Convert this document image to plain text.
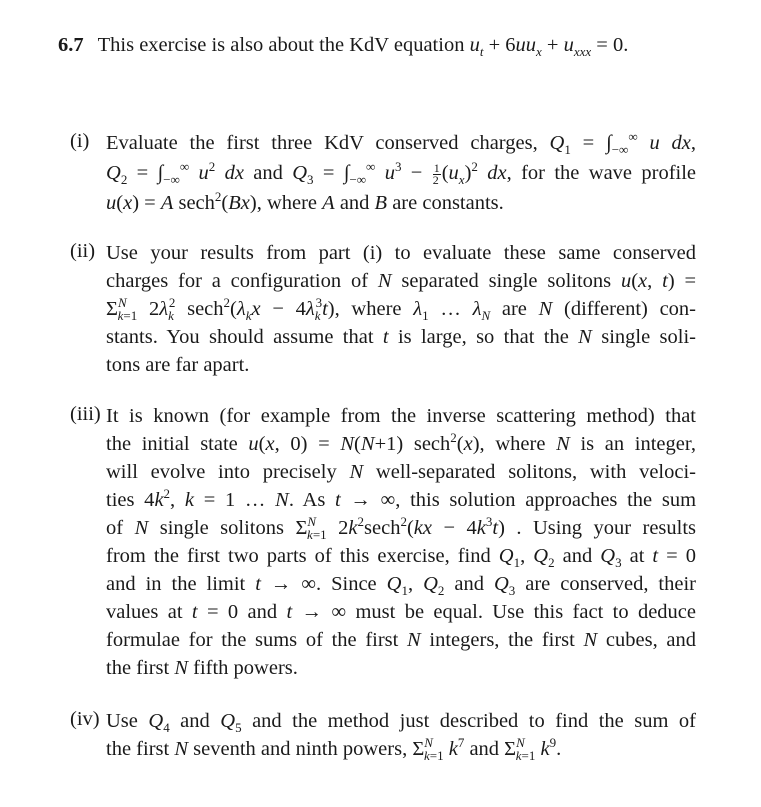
6.7 This exercise is also about the KdV equation $u_t + 6uu_x + u_{xxx} = 0$.
(i) Evaluate the first three KdV conserved charges, $Q_1 = \int_{-\infty}^\infty$ u dx,
$Q_2 = \int_{-\infty}^\infty$ $u^2$ dx and $Q_3 = \int_{-\infty}^\infty$ $u^3 - \frac{1}{2} (u_x)^2$ dx, for the wave profile
u(x) = A sech$^2$(Bx), where A and B are constants.
(ii) Use your results from part (i) to evaluate these same conserved
charges for a configuration of N separated single solitons u(x, t) =
$\Sigma^N_{k=1}$ $2\lambda_k^2$ $\sec h^2(\lambda_kx - 4\lambda_k^3t)$, where $\lambda_1$ … $\lambda_N$ are N (different) con-
stants. You should assume that t is large, so that the N single soli-
tons are far apart.
(iii) It is known (for example from the inverse scattering method) that
the initial state u(x, 0) = N(N+1) sech$^2$(x), where N is an integer,
will evolve into precisely N well-separated solitons, with veloci-
ties $4k^2$, k = 1 … N. As t → ∞, this solution approaches the sum
of N single solitons $\Sigma^N_{k=1}$ $2k^2\sec h^2(kx - 4k^3t)$ . Using your results
from the first two parts of this exercise, find $Q_1$, $Q_2$ and $Q_3$ at t = 0
and in the limit t → ∞. Since $Q_1$, $Q_2$ and $Q_3$ are conserved, their
values at t = 0 and t → ∞ must be equal. Use this fact to deduce
formulae for the sums of the first N integers, the first N cubes, and
the first N fifth powers.
(iv) Use $Q_4$ and $Q_5$ and the method just described to find the sum of
the first N seventh and ninth powers, $\Sigma^N_{k=1}$ $k^7$ and $\Sigma^N_{k=1}$ $k^9$.
